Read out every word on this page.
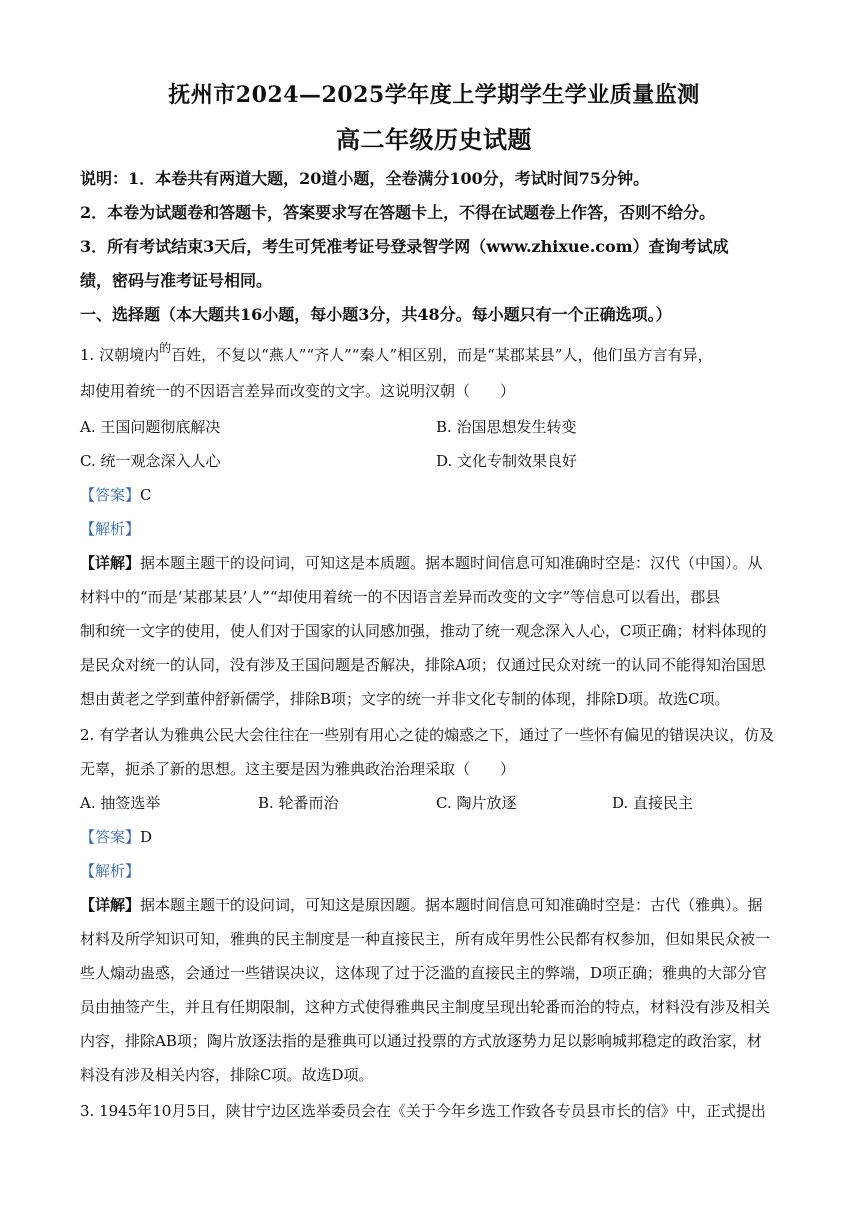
抚州市2024—2025学年度上学期学生学业质量监测
高二年级历史试题
说明：1．本卷共有两道大题，20道小题，全卷满分100分，考试时间75分钟。
2．本卷为试题卷和答题卡，答案要求写在答题卡上，不得在试题卷上作答，否则不给分。
3．所有考试结束3天后，考生可凭准考证号登录智学网（www.zhixue.com）查询考试成
绩，密码与准考证号相同。
一、选择题（本大题共16小题，每小题3分，共48分。每小题只有一个正确选项。）
1. 汉朝境内$^的$百姓，不复以“燕人”“齐人”“秦人”相区别，而是“某郡某县”人，他们虽方言有异，
却使用着统一的不因语言差异而改变的文字。这说明汉朝（　　）
A. 王国问题彻底解决	B. 治国思想发生转变
C. 统一观念深入人心	D. 文化专制效果良好
【答案】C
【解析】
【详解】据本题主题干的设问词，可知这是本质题。据本题时间信息可知准确时空是：汉代（中国）。从
材料中的“而是‘某郡某县’人”“却使用着统一的不因语言差异而改变的文字”等信息可以看出，郡县
制和统一文字的使用，使人们对于国家的认同感加强，推动了统一观念深入人心，C项正确；材料体现的
是民众对统一的认同，没有涉及王国问题是否解决，排除A项；仅通过民众对统一的认同不能得知治国思
想由黄老之学到董仲舒新儒学，排除B项；文字的统一并非文化专制的体现，排除D项。故选C项。
2. 有学者认为雅典公民大会往往在一些别有用心之徒的煽惑之下，通过了一些怀有偏见的错误决议，仿及
无辜，扼杀了新的思想。这主要是因为雅典政治治理采取（　　）
A. 抽签选举	B. 轮番而治	C. 陶片放逐	D. 直接民主
【答案】D
【解析】
【详解】据本题主题干的设问词，可知这是原因题。据本题时间信息可知准确时空是：古代（雅典）。据
材料及所学知识可知，雅典的民主制度是一种直接民主，所有成年男性公民都有权参加，但如果民众被一
些人煽动蛊惑，会通过一些错误决议，这体现了过于泛滥的直接民主的弊端，D项正确；雅典的大部分官
员由抽签产生，并且有任期限制，这种方式使得雅典民主制度呈现出轮番而治的特点，材料没有涉及相关
内容，排除AB项；陶片放逐法指的是雅典可以通过投票的方式放逐势力足以影响城邦稳定的政治家，材
料没有涉及相关内容，排除C项。故选D项。
3. 1945年10月5日，陕甘宁边区选举委员会在《关于今年乡选工作致各专员县市长的信》中，正式提出
